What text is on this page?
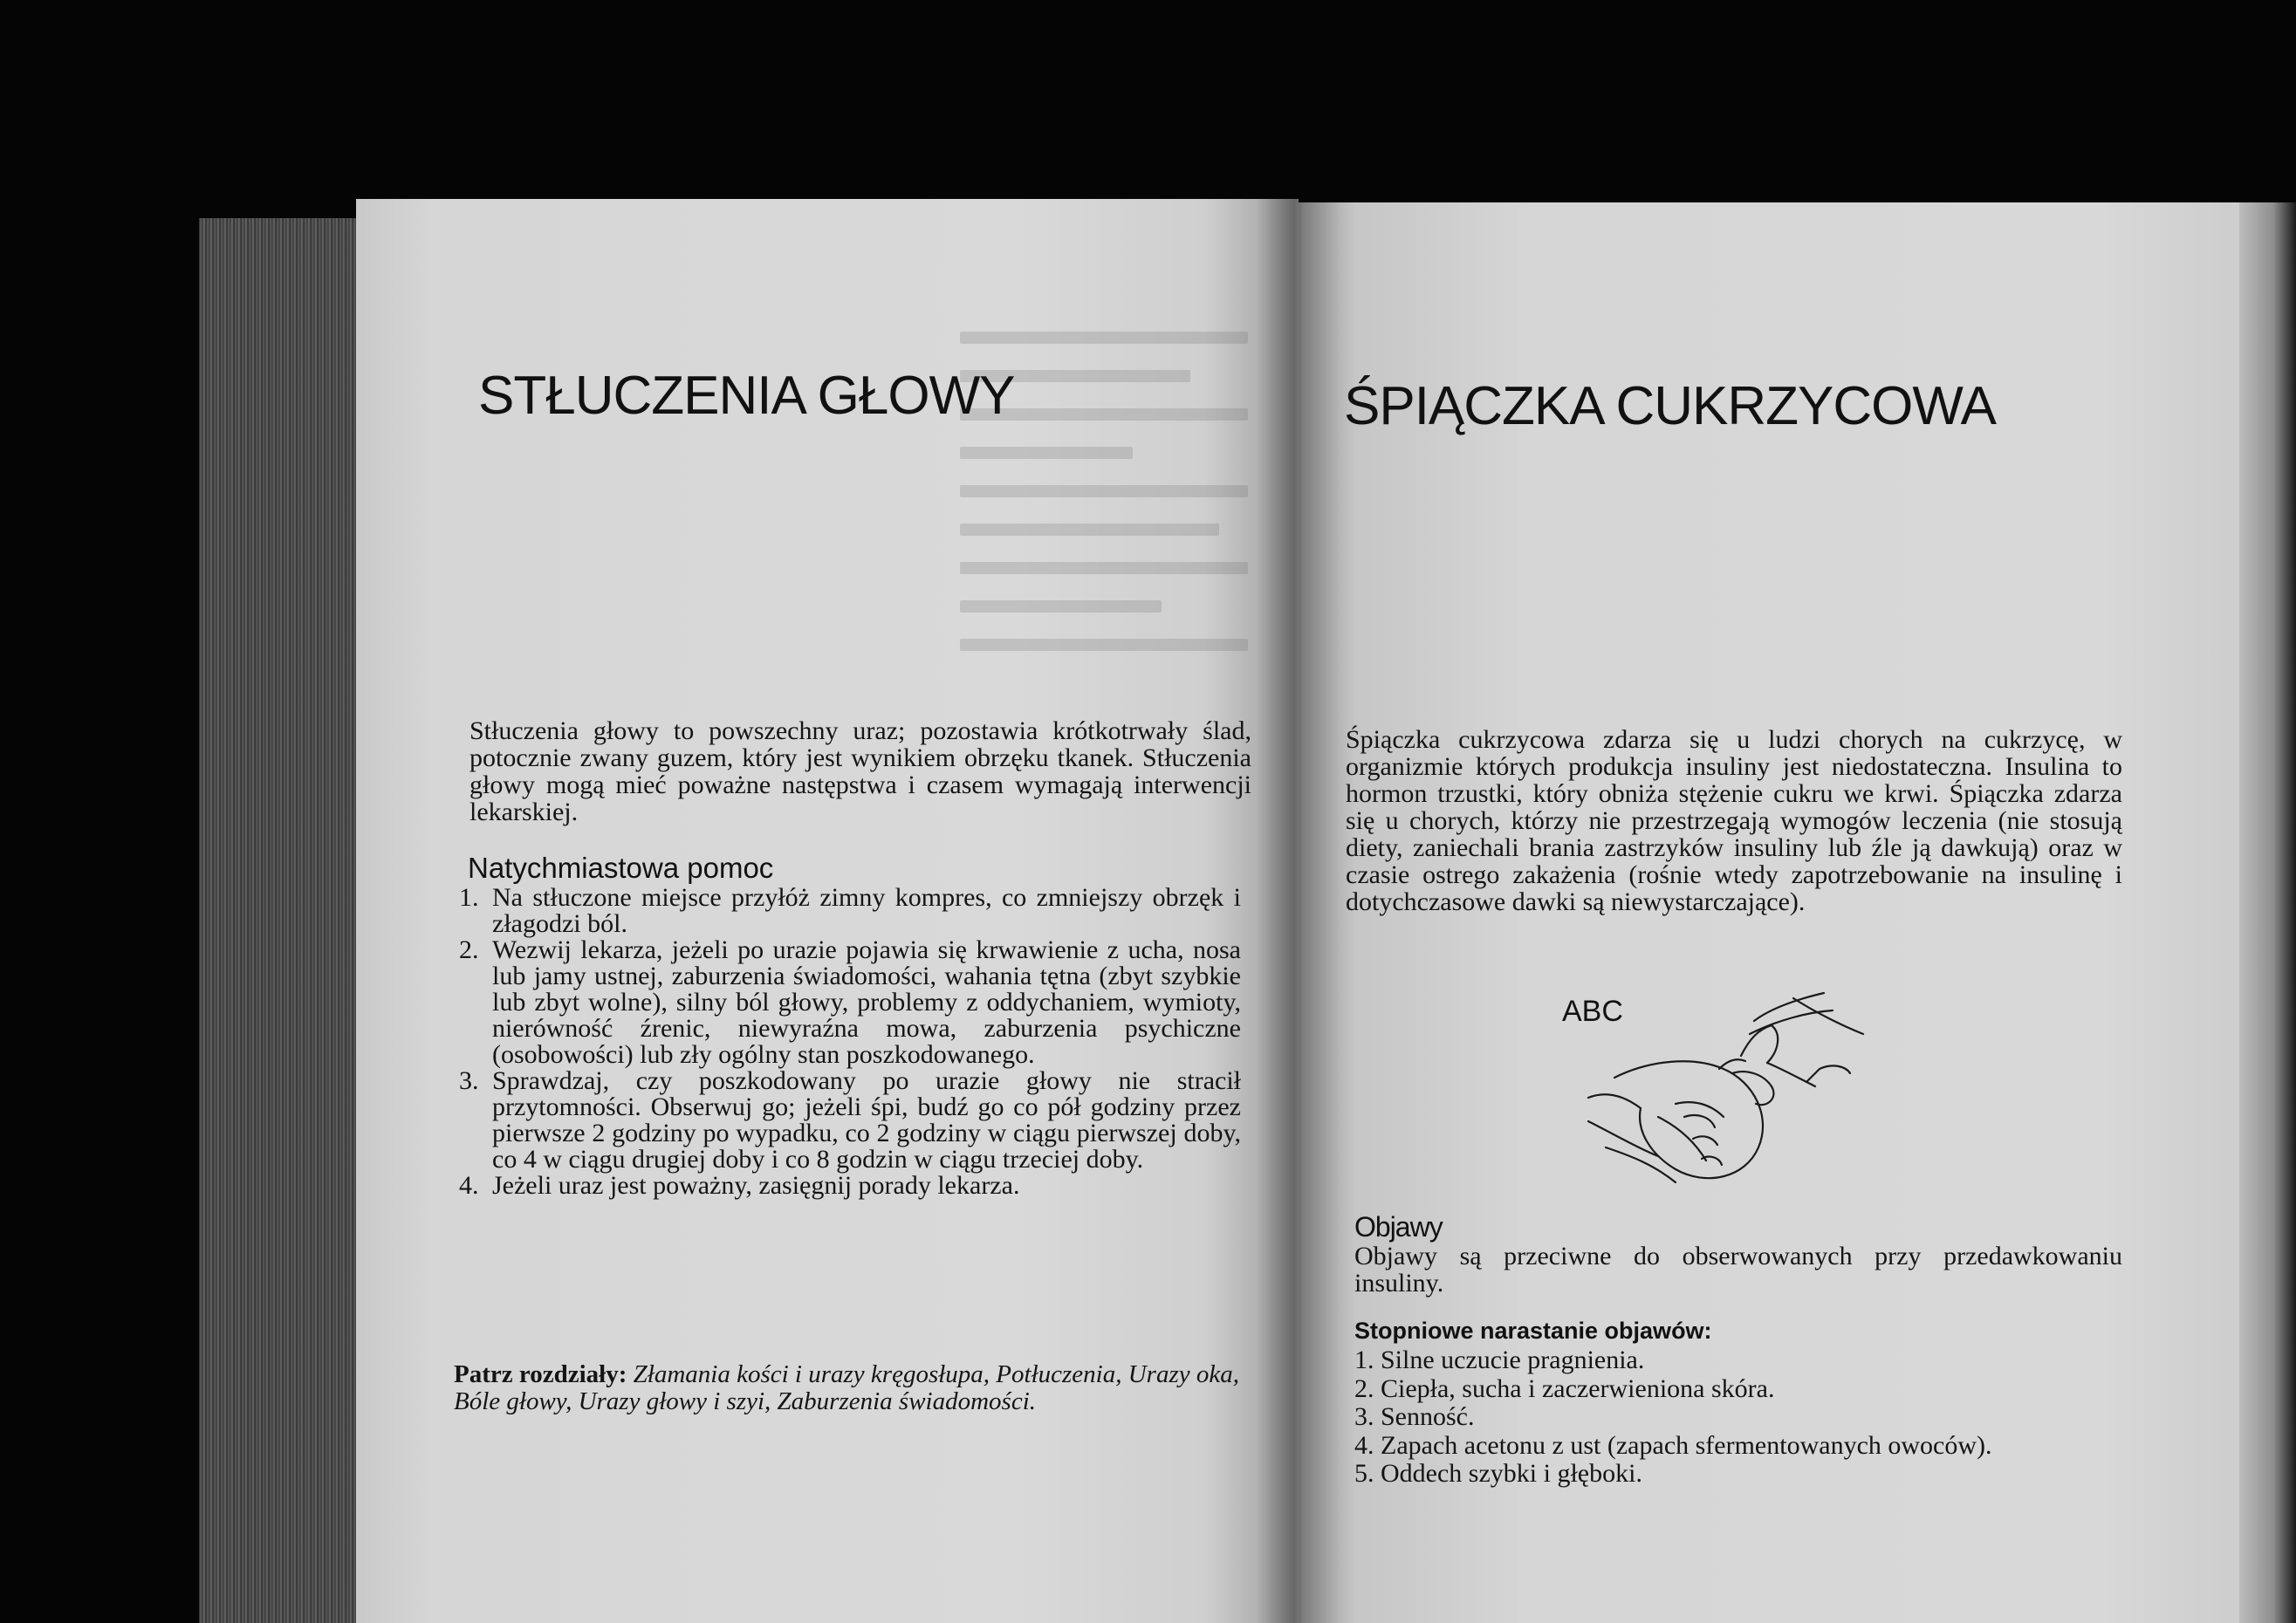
STŁUCZENIA GŁOWY

Stłuczenia głowy to powszechny uraz; pozostawia krótkotrwały ślad, potocznie zwany guzem, który jest wynikiem obrzęku tkanek. Stłuczenia głowy mogą mieć poważne następstwa i czasem wymagają interwencji lekarskiej.

Natychmiastowa pomoc
1. Na stłuczone miejsce przyłóż zimny kompres, co zmniejszy obrzęk i złagodzi ból.
2. Wezwij lekarza, jeżeli po urazie pojawia się krwawienie z ucha, nosa lub jamy ustnej, zaburzenia świadomości, wahania tętna (zbyt szybkie lub zbyt wolne), silny ból głowy, problemy z oddychaniem, wymioty, nierówność źrenic, niewyraźna mowa, zaburzenia psychiczne (osobowości) lub zły ogólny stan poszkodowanego.
3. Sprawdzaj, czy poszkodowany po urazie głowy nie stracił przytomności. Obserwuj go; jeżeli śpi, budź go co pół godziny przez pierwsze 2 godziny po wypadku, co 2 godziny w ciągu pierwszej doby, co 4 w ciągu drugiej doby i co 8 godzin w ciągu trzeciej doby.
4. Jeżeli uraz jest poważny, zasięgnij porady lekarza.

Patrz rozdziały: Złamania kości i urazy kręgosłupa, Potłuczenia, Urazy oka, Bóle głowy, Urazy głowy i szyi, Zaburzenia świadomości.

ŚPIĄCZKA CUKRZYCOWA

Śpiączka cukrzycowa zdarza się u ludzi chorych na cukrzycę, w organizmie których produkcja insuliny jest niedostateczna. Insulina to hormon trzustki, który obniża stężenie cukru we krwi. Śpiączka zdarza się u chorych, którzy nie przestrzegają wymogów leczenia (nie stosują diety, zaniechali brania zastrzyków insuliny lub źle ją dawkują) oraz w czasie ostrego zakażenia (rośnie wtedy zapotrzebowanie na insulinę i dotychczasowe dawki są niewystarczające).

ABC
Objawy

Objawy są przeciwne do obserwowanych przy przedawkowaniu insuliny.

Stopniowe narastanie objawów:
1. Silne uczucie pragnienia.
2. Ciepła, sucha i zaczerwieniona skóra.
3. Senność.
4. Zapach acetonu z ust (zapach sfermentowanych owoców).
5. Oddech szybki i głęboki.
